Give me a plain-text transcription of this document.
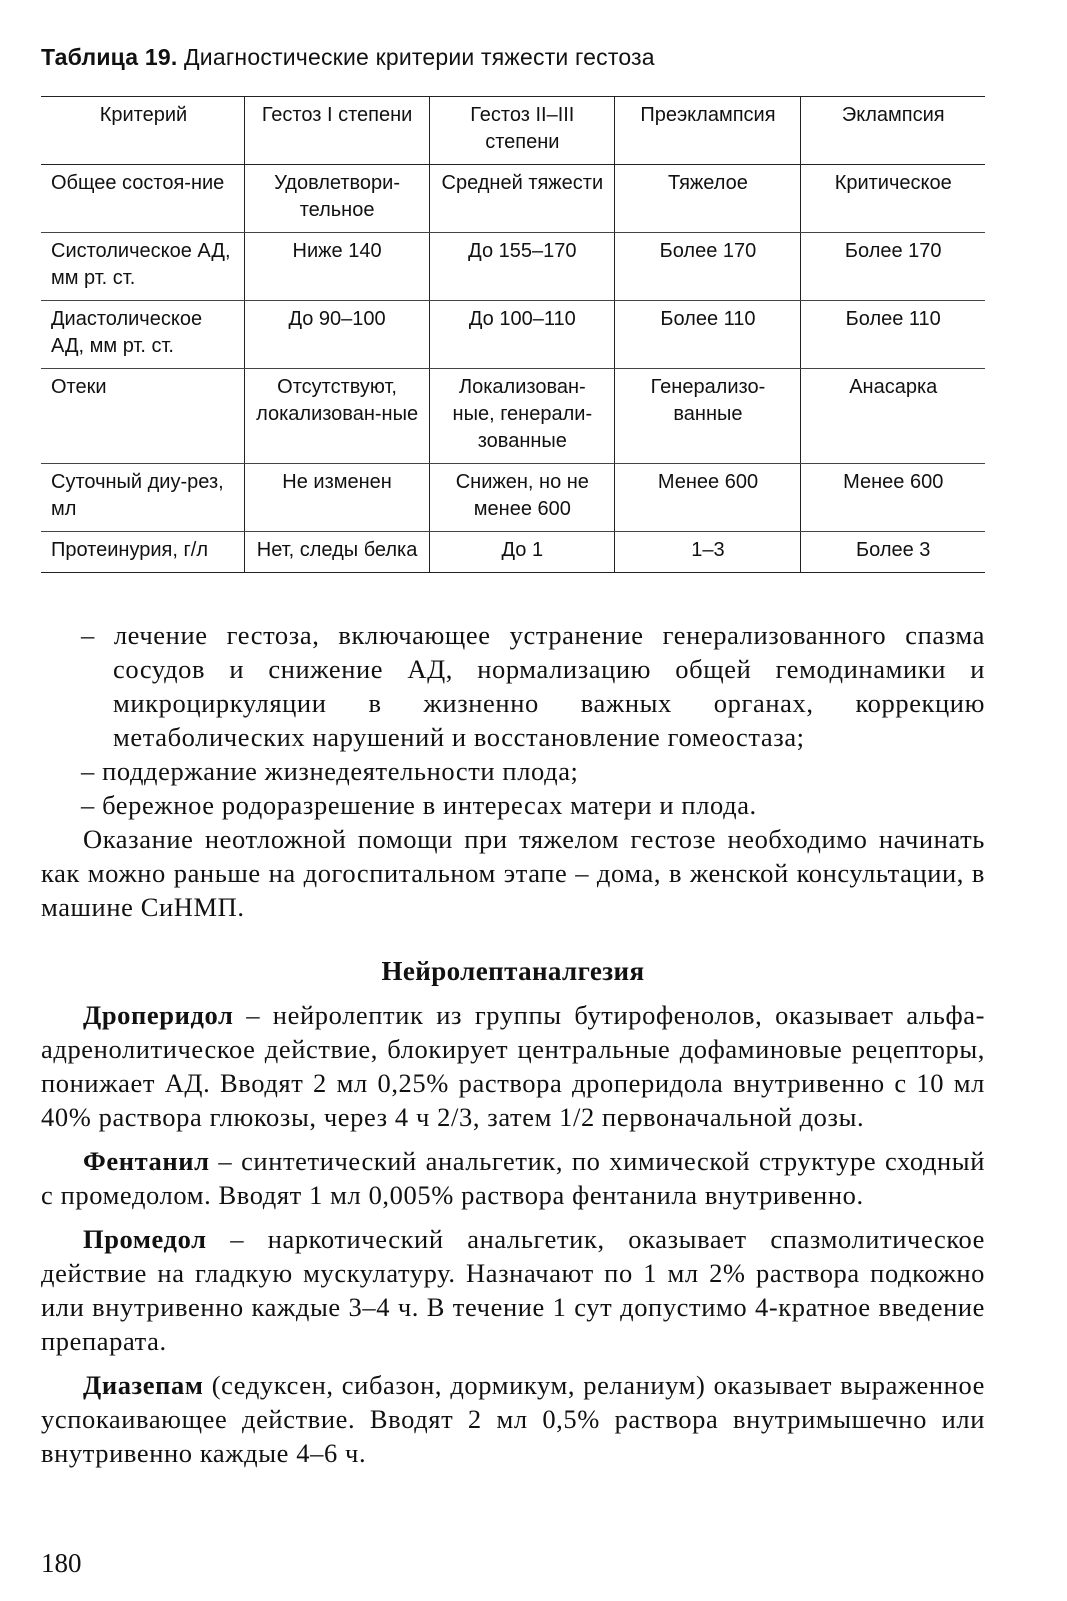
Таблица 19. Диагностические критерии тяжести гестоза
Критерий	Гестоз I степени	Гестоз II–III степени	Преэклампсия	Эклампсия
Общее состоя-ние	Удовлетвори-тельное	Средней тяжести	Тяжелое	Критическое
Систолическое АД, мм рт. ст.	Ниже 140	До 155–170	Более 170	Более 170
Диастолическое АД, мм рт. ст.	До 90–100	До 100–110	Более 110	Более 110
Отеки	Отсутствуют, локализован-ные	Локализован-ные, генерали-зованные	Генерализо-ванные	Анасарка
Суточный диу-рез, мл	Не изменен	Снижен, но не менее 600	Менее 600	Менее 600
Протеинурия, г/л	Нет, следы белка	До 1	1–3	Более 3

– лечение гестоза, включающее устранение генерализованного спазма сосудов и снижение АД, нормализацию общей гемодинамики и микроциркуляции в жизненно важных органах, коррекцию метаболических нарушений и восстановление гомеостаза;

– поддержание жизнедеятельности плода;

– бережное родоразрешение в интересах матери и плода.

Оказание неотложной помощи при тяжелом гестозе необходимо начинать как можно раньше на догоспитальном этапе – дома, в женской консультации, в машине СиНМП.

Нейролептаналгезия

Дроперидол – нейролептик из группы бутирофенолов, оказывает альфа-адренолитическое действие, блокирует центральные дофаминовые рецепторы, понижает АД. Вводят 2 мл 0,25% раствора дроперидола внутривенно с 10 мл 40% раствора глюкозы, через 4 ч 2/3, затем 1/2 первоначальной дозы.

Фентанил – синтетический анальгетик, по химической структуре сходный с промедолом. Вводят 1 мл 0,005% раствора фентанила внутривенно.

Промедол – наркотический анальгетик, оказывает спазмолитическое действие на гладкую мускулатуру. Назначают по 1 мл 2% раствора подкожно или внутривенно каждые 3–4 ч. В течение 1 сут допустимо 4-кратное введение препарата.

Диазепам (седуксен, сибазон, дормикум, реланиум) оказывает выраженное успокаивающее действие. Вводят 2 мл 0,5% раствора внутримышечно или внутривенно каждые 4–6 ч.

180
